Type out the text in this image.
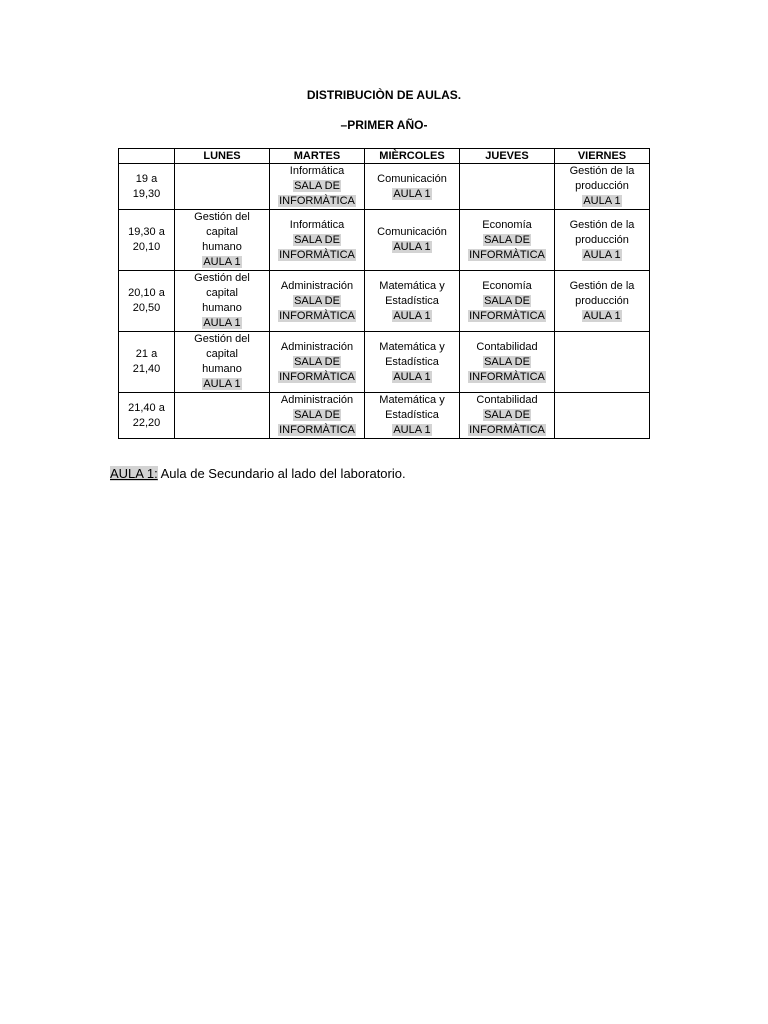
DISTRIBUCIÒN DE AULAS.
–PRIMER AÑO-
	LUNES	MARTES	MIÈRCOLES	JUEVES	VIERNES

19 a
19,30		Informática
SALA DE
INFORMÀTICA	Comunicación
AULA 1		Gestión de la
producción
AULA 1

19,30 a
20,10	Gestión del
capital
humano
AULA 1	Informática
SALA DE
INFORMÀTICA	Comunicación
AULA 1	Economía
SALA DE
INFORMÀTICA	Gestión de la
producción
AULA 1

20,10 a
20,50	Gestión del
capital
humano
AULA 1	Administración
SALA DE
INFORMÀTICA	Matemática y
Estadística
AULA 1	Economía
SALA DE
INFORMÀTICA	Gestión de la
producción
AULA 1

21 a
21,40	Gestión del
capital
humano
AULA 1	Administración
SALA DE
INFORMÀTICA	Matemática y
Estadística
AULA 1	Contabilidad
SALA DE
INFORMÀTICA	

21,40 a
22,20		Administración
SALA DE
INFORMÀTICA	Matemática y
Estadística
AULA 1	Contabilidad
SALA DE
INFORMÀTICA	

AULA 1: Aula de Secundario al lado del laboratorio.
